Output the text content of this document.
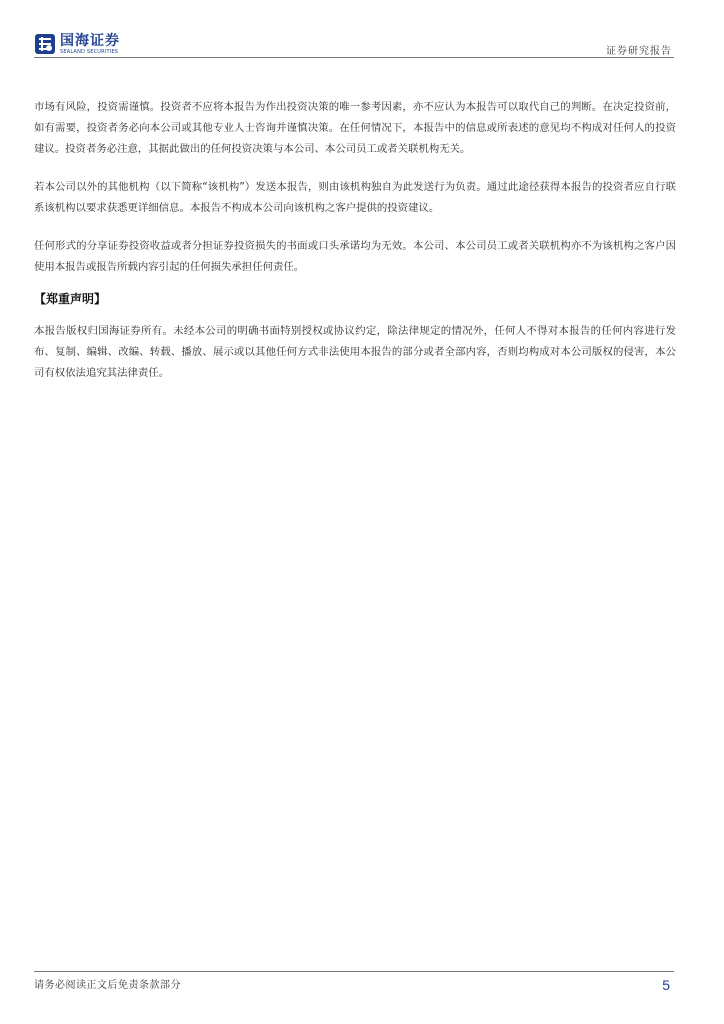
国海证券
SEALAND SECURITIES	证券研究报告

市场有风险，投资需谨慎。投资者不应将本报告为作出投资决策的唯一参考因素，亦不应认为本报告可以取代自己的判断。在决定投资前，如有需要，投资者务必向本公司或其他专业人士咨询并谨慎决策。在任何情况下，本报告中的信息或所表述的意见均不构成对任何人的投资建议。投资者务必注意，其据此做出的任何投资决策与本公司、本公司员工或者关联机构无关。

若本公司以外的其他机构（以下简称“该机构”）发送本报告，则由该机构独自为此发送行为负责。通过此途径获得本报告的投资者应自行联系该机构以要求获悉更详细信息。本报告不构成本公司向该机构之客户提供的投资建议。

任何形式的分享证券投资收益或者分担证券投资损失的书面或口头承诺均为无效。本公司、本公司员工或者关联机构亦不为该机构之客户因使用本报告或报告所载内容引起的任何损失承担任何责任。

【郑重声明】

本报告版权归国海证券所有。未经本公司的明确书面特别授权或协议约定，除法律规定的情况外，任何人不得对本报告的任何内容进行发布、复制、编辑、改编、转载、播放、展示或以其他任何方式非法使用本报告的部分或者全部内容，否则均构成对本公司版权的侵害，本公司有权依法追究其法律责任。

请务必阅读正文后免责条款部分	5
